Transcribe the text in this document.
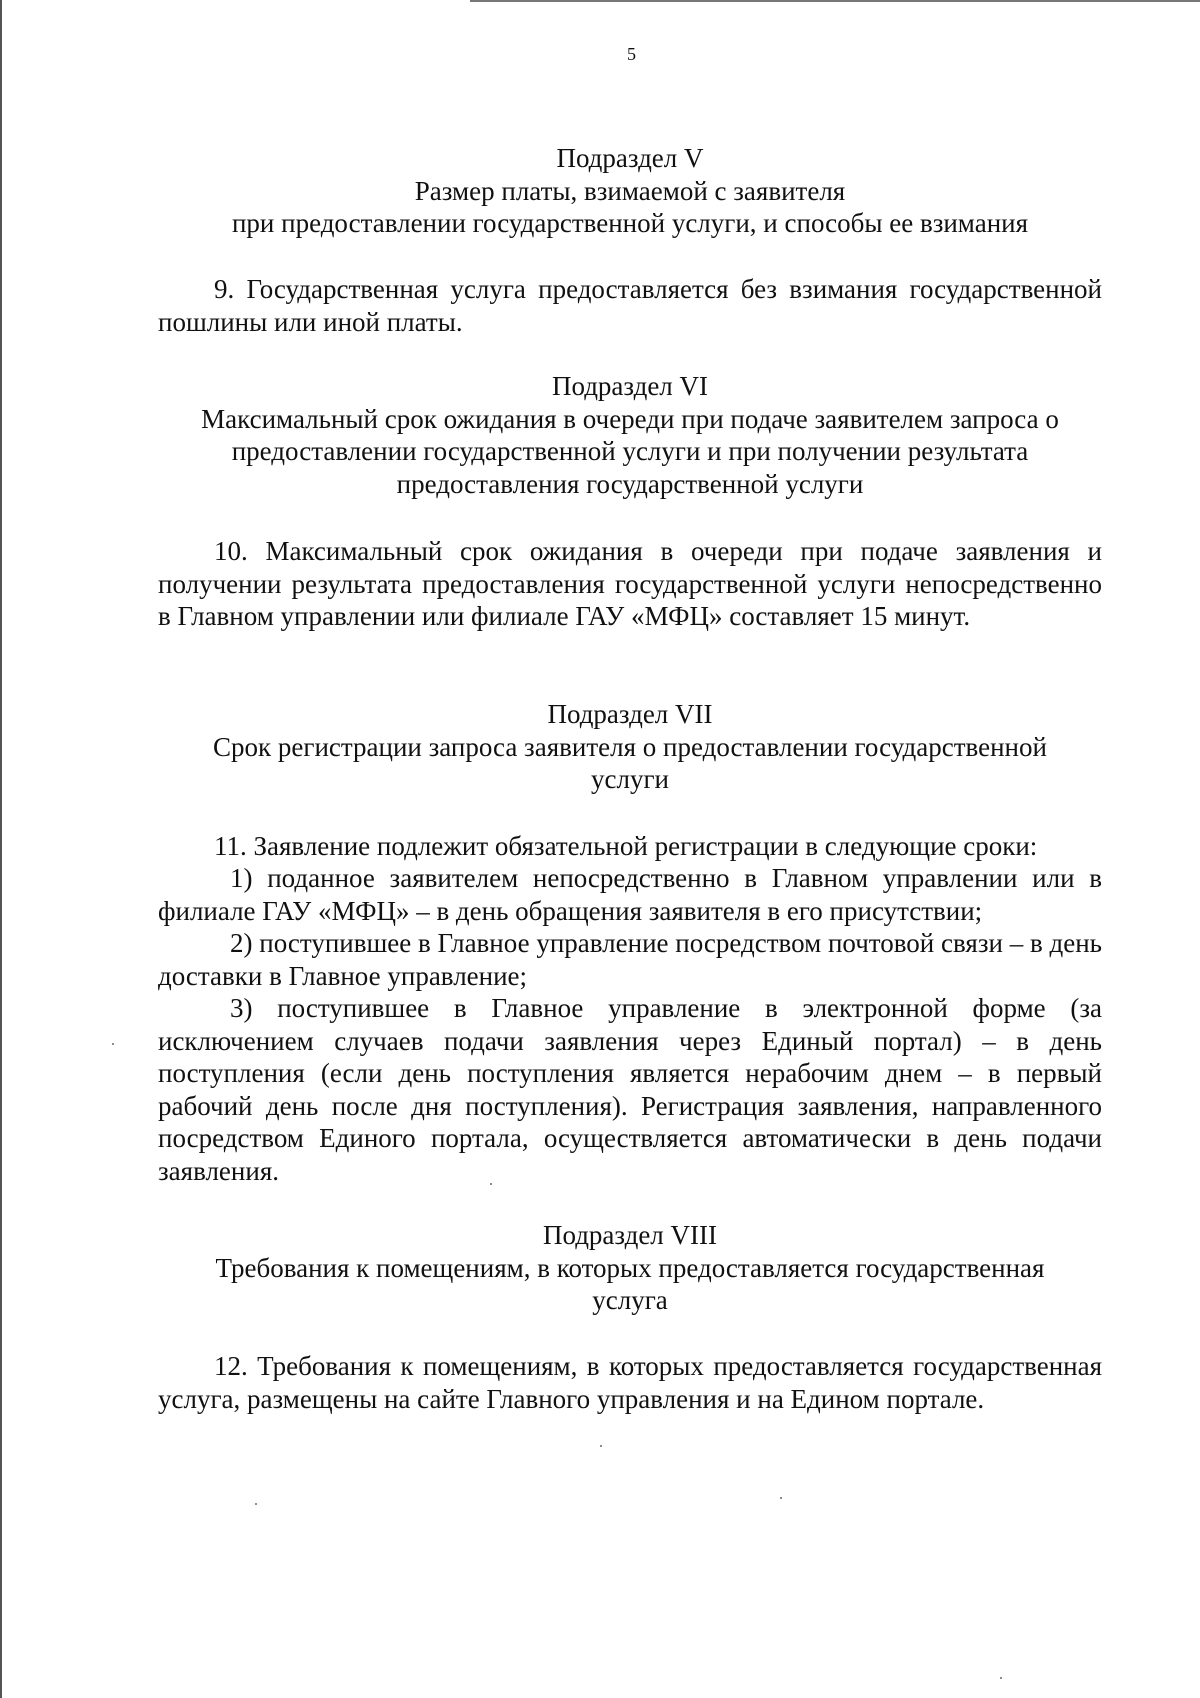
5
Подраздел V
Размер платы, взимаемой с заявителя
при предоставлении государственной услуги, и способы ее взимания

9. Государственная услуга предоставляется без взимания государственной пошлины или иной платы.

Подраздел VI
Максимальный срок ожидания в очереди при подаче заявителем запроса о
предоставлении государственной услуги и при получении результата
предоставления государственной услуги

10. Максимальный срок ожидания в очереди при подаче заявления и получении результата предоставления государственной услуги непосредственно в Главном управлении или филиале ГАУ «МФЦ» составляет 15 минут.

Подраздел VII
Срок регистрации запроса заявителя о предоставлении государственной
услуги

11. Заявление подлежит обязательной регистрации в следующие сроки:

1) поданное заявителем непосредственно в Главном управлении или в филиале ГАУ «МФЦ» – в день обращения заявителя в его присутствии;

2) поступившее в Главное управление посредством почтовой связи – в день доставки в Главное управление;

3) поступившее в Главное управление в электронной форме (за исключением случаев подачи заявления через Единый портал) – в день поступления (если день поступления является нерабочим днем – в первый рабочий день после дня поступления). Регистрация заявления, направленного посредством Единого портала, осуществляется автоматически в день подачи заявления.

Подраздел VIII
Требования к помещениям, в которых предоставляется государственная
услуга

12. Требования к помещениям, в которых предоставляется государственная услуга, размещены на сайте Главного управления и на Едином портале.
